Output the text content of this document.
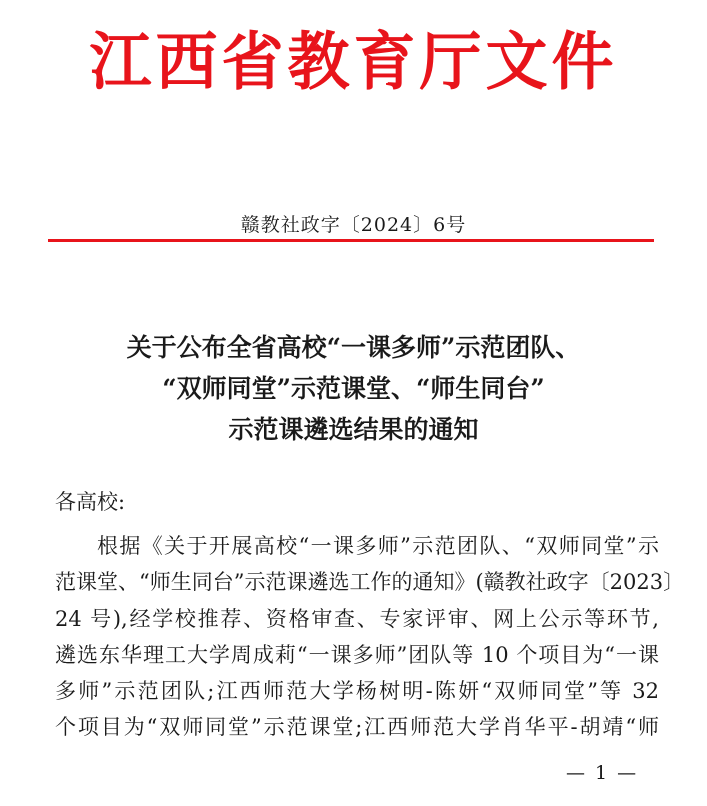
江西省教育厅文件
赣教社政字〔2024〕6号
关于公布全省高校“一课多师”示范团队、
“双师同堂”示范课堂、“师生同台”
示范课遴选结果的通知
各高校:
根据《关于开展高校“一课多师”示范团队、“双师同堂”示
范课堂、“师生同台”示范课遴选工作的通知》(赣教社政字〔2023〕
24 号),经学校推荐、资格审查、专家评审、网上公示等环节,
遴选东华理工大学周成莉“一课多师”团队等 10 个项目为“一课
多师”示范团队;江西师范大学杨树明-陈妍“双师同堂”等 32
个项目为“双师同堂”示范课堂;江西师范大学肖华平-胡靖“师
— 1 —
